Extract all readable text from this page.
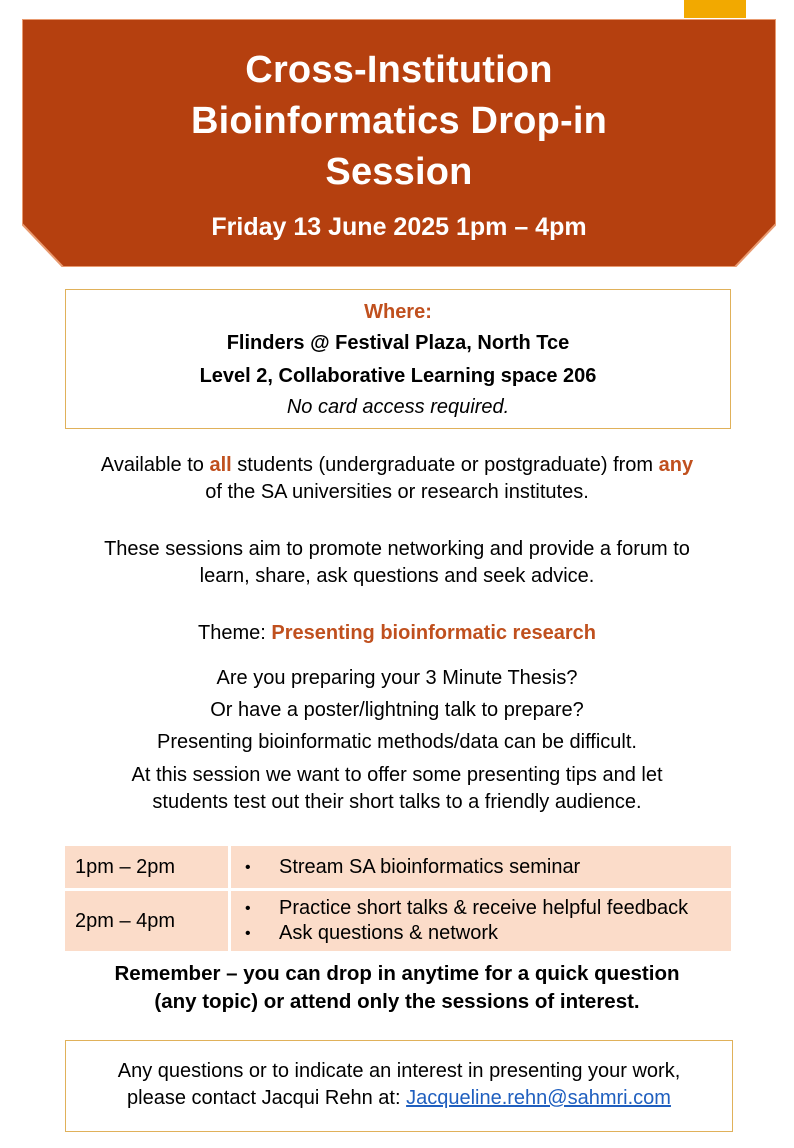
Cross-Institution
Bioinformatics Drop-in
Session
Friday 13 June 2025 1pm – 4pm
Where:
Flinders @ Festival Plaza, North Tce
Level 2, Collaborative Learning space 206
No card access required.
Available to all students (undergraduate or postgraduate) from any
of the SA universities or research institutes.
These sessions aim to promote networking and provide a forum to
learn, share, ask questions and seek advice.
Theme: Presenting bioinformatic research
Are you preparing your 3 Minute Thesis?
Or have a poster/lightning talk to prepare?
Presenting bioinformatic methods/data can be difficult.
At this session we want to offer some presenting tips and let
students test out their short talks to a friendly audience.
1pm – 2pm	• Stream SA bioinformatics seminar

2pm – 4pm	• Practice short talks & receive helpful feedback
• Ask questions & network
Remember – you can drop in anytime for a quick question
(any topic) or attend only the sessions of interest.
Any questions or to indicate an interest in presenting your work,
please contact Jacqui Rehn at: Jacqueline.rehn@sahmri.com
